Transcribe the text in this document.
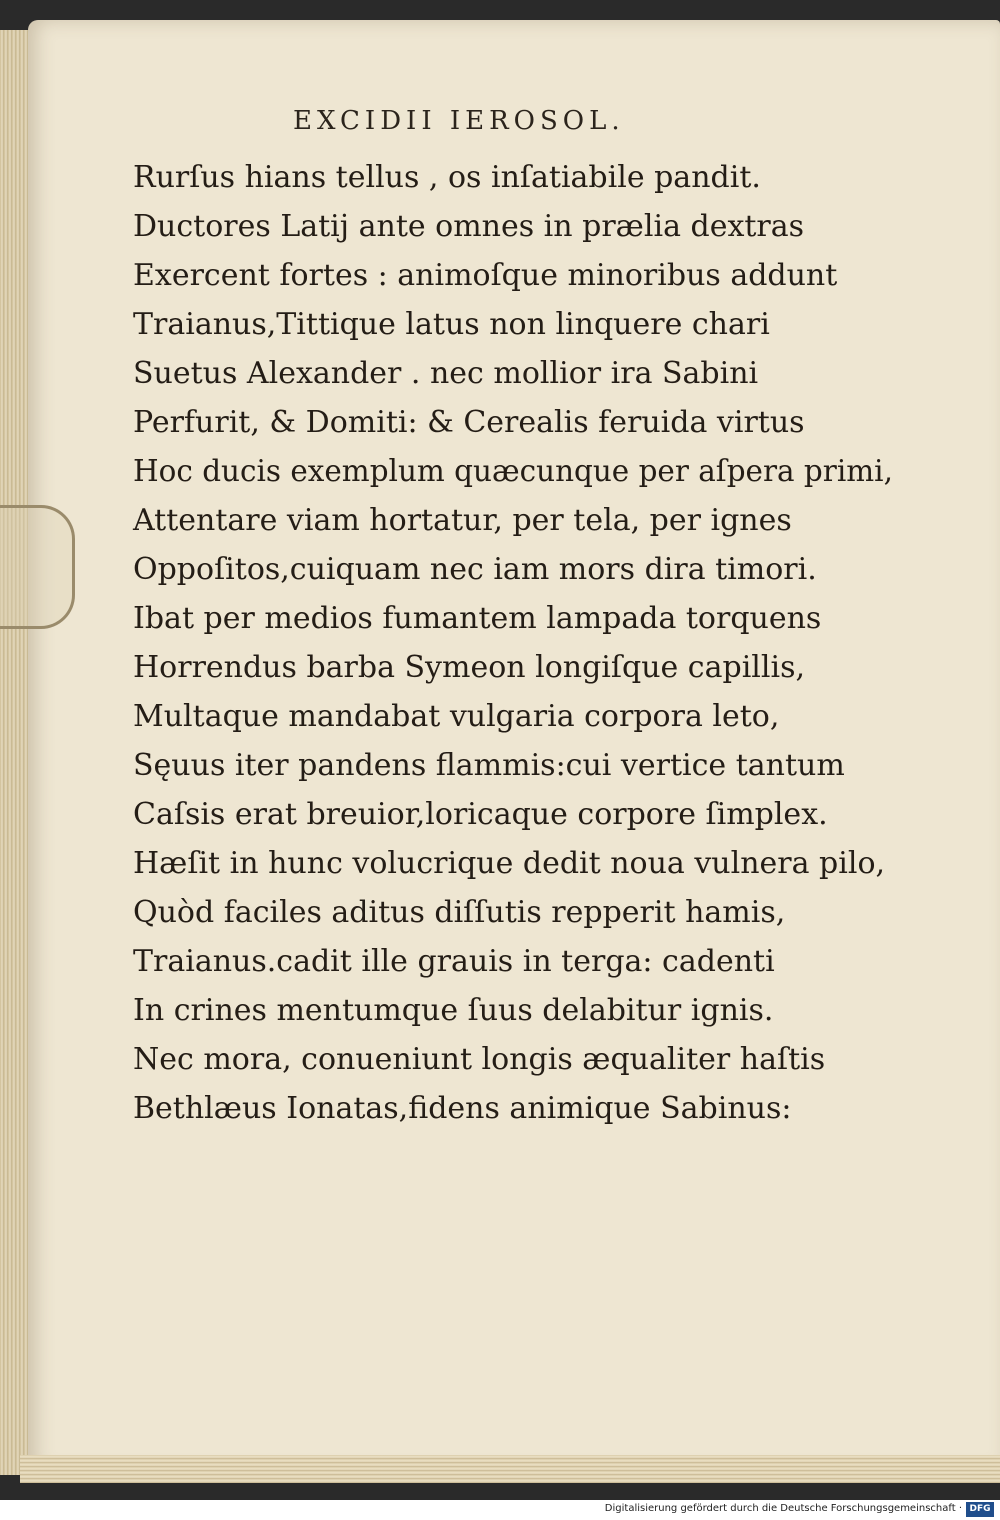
EXCIDII IEROSOL.
Rurſus hians tellus , os inſatiabile pandit.
Ductores Latij ante omnes in prælia dextras
Exercent fortes : animoſque minoribus addunt
Traianus,Tittique latus non linquere chari
Suetus Alexander . nec mollior ira Sabini
Perfurit, & Domiti: & Cerealis feruida virtus
Hoc ducis exemplum quæcunque per aſpera primi,
Attentare viam hortatur, per tela, per ignes
Oppoſitos,cuiquam nec iam mors dira timori.
Ibat per medios fumantem lampada torquens
Horrendus barba Symeon longiſque capillis,
Multaque mandabat vulgaria corpora leto,
Sęuus iter pandens flammis:cui vertice tantum
Caſsis erat breuior,loricaque corpore ſimplex.
Hæſit in hunc volucrique dedit noua vulnera pilo,
Quòd faciles aditus diſſutis repperit hamis,
Traianus.cadit ille grauis in terga: cadenti
In crines mentumque ſuus delabitur ignis.
Nec mora, conueniunt longis æqualiter haſtis
Bethlæus Ionatas,fidens animique Sabinus:
Digitalisierung gefördert durch die Deutsche Forschungsgemeinschaft · DFG
